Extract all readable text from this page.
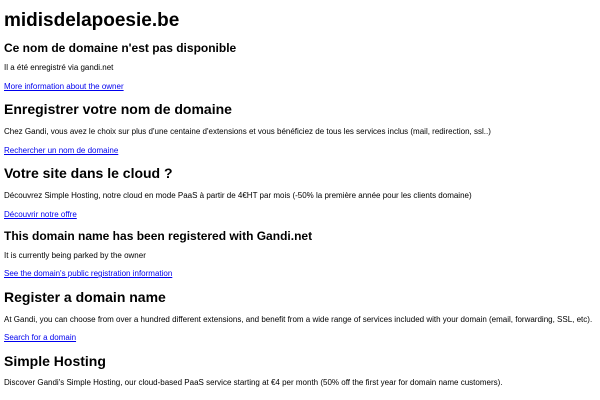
midisdelapoesie.be
Ce nom de domaine n'est pas disponible
Il a été enregistré via gandi.net
More information about the owner
Enregistrer votre nom de domaine
Chez Gandi, vous avez le choix sur plus d'une centaine d'extensions et vous bénéficiez de tous les services inclus (mail, redirection, ssl..)
Rechercher un nom de domaine
Votre site dans le cloud ?
Découvrez Simple Hosting, notre cloud en mode PaaS à partir de 4€HT par mois (-50% la première année pour les clients domaine)
Découvrir notre offre
This domain name has been registered with Gandi.net
It is currently being parked by the owner
See the domain's public registration information
Register a domain name
At Gandi, you can choose from over a hundred different extensions, and benefit from a wide range of services included with your domain (email, forwarding, SSL, etc).
Search for a domain
Simple Hosting
Discover Gandi's Simple Hosting, our cloud-based PaaS service starting at €4 per month (50% off the first year for domain name customers).
